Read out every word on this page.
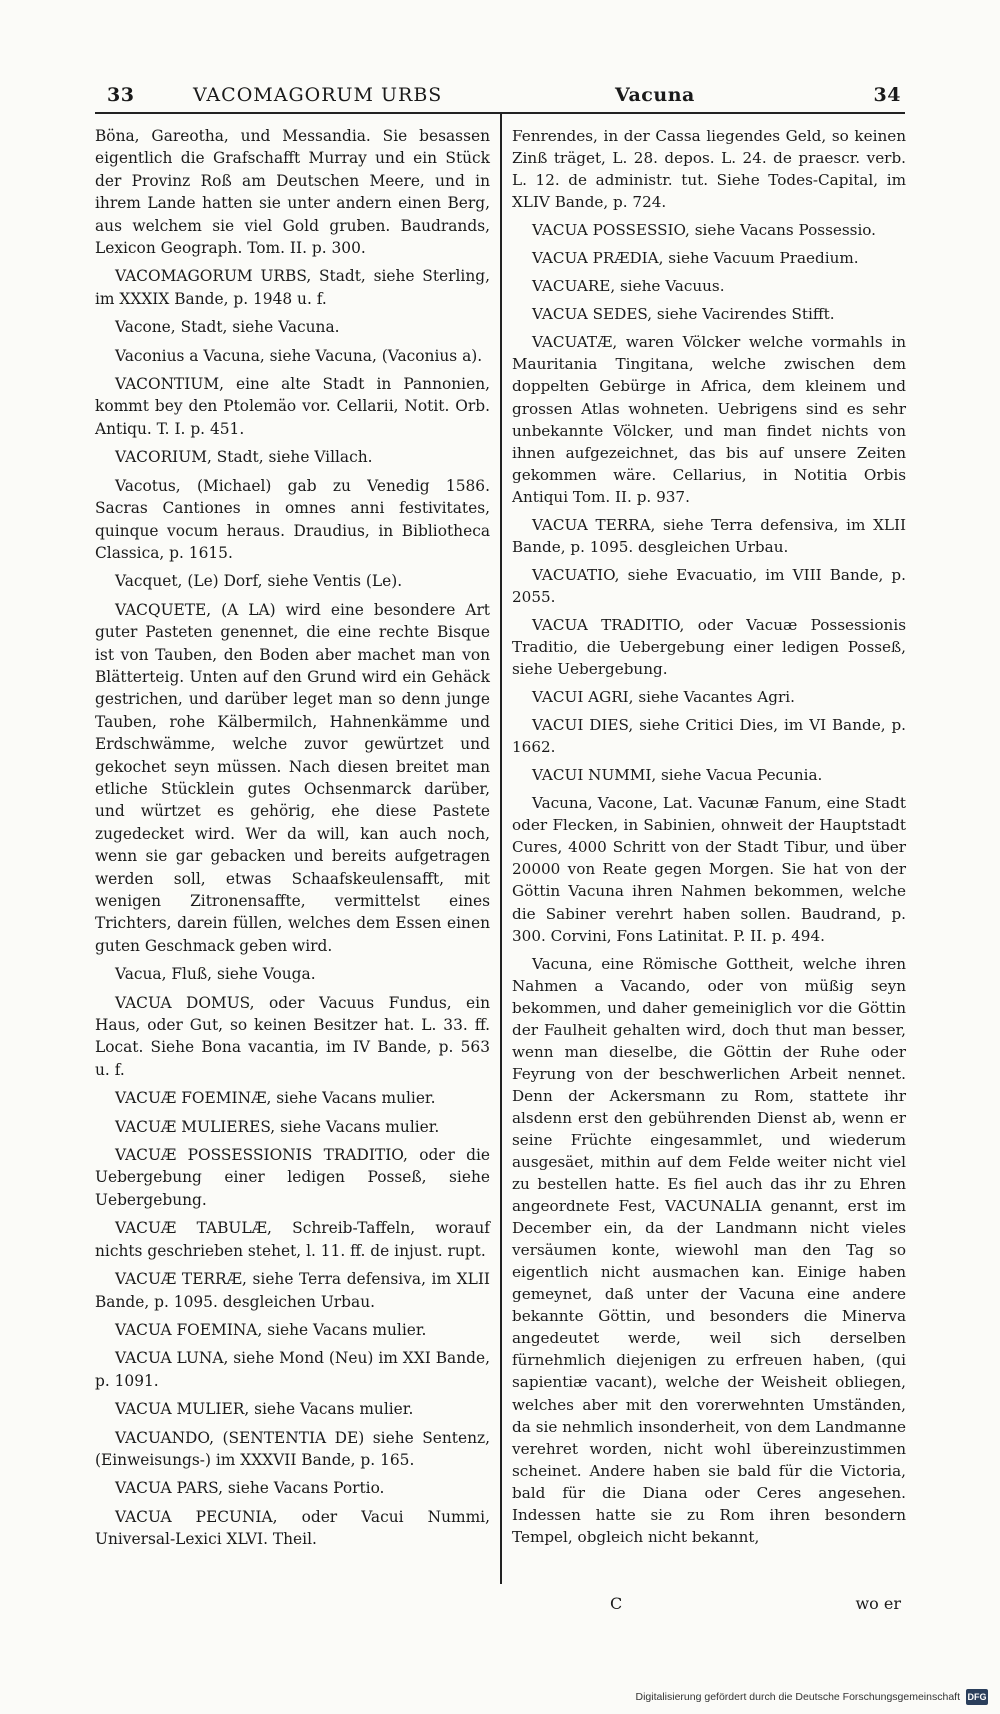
33	VACOMAGORUM URBS	Vacuna	34

Böna, Gareotha, und Messandia. Sie besassen eigentlich die Grafschafft Murray und ein Stück der Provinz Roß am Deutschen Meere, und in ihrem Lande hatten sie unter andern einen Berg, aus welchem sie viel Gold gruben. Baudrands, Lexicon Geograph. Tom. II. p. 300.

VACOMAGORUM URBS, Stadt, siehe Sterling, im XXXIX Bande, p. 1948 u. f.

Vacone, Stadt, siehe Vacuna.

Vaconius a Vacuna, siehe Vacuna, (Vaconius a).

VACONTIUM, eine alte Stadt in Pannonien, kommt bey den Ptolemäo vor. Cellarii, Notit. Orb. Antiqu. T. I. p. 451.

VACORIUM, Stadt, siehe Villach.

Vacotus, (Michael) gab zu Venedig 1586. Sacras Cantiones in omnes anni festivitates, quinque vocum heraus. Draudius, in Bibliotheca Classica, p. 1615.

Vacquet, (Le) Dorf, siehe Ventis (Le).

VACQUETE, (A LA) wird eine besondere Art guter Pasteten genennet, die eine rechte Bisque ist von Tauben, den Boden aber machet man von Blätterteig. Unten auf den Grund wird ein Gehäck gestrichen, und darüber leget man so denn junge Tauben, rohe Kälbermilch, Hahnenkämme und Erdschwämme, welche zuvor gewürtzet und gekochet seyn müssen. Nach diesen breitet man etliche Stücklein gutes Ochsenmarck darüber, und würtzet es gehörig, ehe diese Pastete zugedecket wird. Wer da will, kan auch noch, wenn sie gar gebacken und bereits aufgetragen werden soll, etwas Schaafskeulensafft, mit wenigen Zitronensaffte, vermittelst eines Trichters, darein füllen, welches dem Essen einen guten Geschmack geben wird.

Vacua, Fluß, siehe Vouga.

VACUA DOMUS, oder Vacuus Fundus, ein Haus, oder Gut, so keinen Besitzer hat. L. 33. ff. Locat. Siehe Bona vacantia, im IV Bande, p. 563 u. f.

VACUÆ FOEMINÆ, siehe Vacans mulier.

VACUÆ MULIERES, siehe Vacans mulier.

VACUÆ POSSESSIONIS TRADITIO, oder die Uebergebung einer ledigen Posseß, siehe Uebergebung.

VACUÆ TABULÆ, Schreib-Taffeln, worauf nichts geschrieben stehet, l. 11. ff. de injust. rupt.

VACUÆ TERRÆ, siehe Terra defensiva, im XLII Bande, p. 1095. desgleichen Urbau.

VACUA FOEMINA, siehe Vacans mulier.

VACUA LUNA, siehe Mond (Neu) im XXI Bande, p. 1091.

VACUA MULIER, siehe Vacans mulier.

VACUANDO, (SENTENTIA DE) siehe Sentenz, (Einweisungs-) im XXXVII Bande, p. 165.

VACUA PARS, siehe Vacans Portio.

VACUA PECUNIA, oder Vacui Nummi, Universal-Lexici XLVI. Theil.

Fenrendes, in der Cassa liegendes Geld, so keinen Zinß träget, L. 28. depos. L. 24. de praescr. verb. L. 12. de administr. tut. Siehe Todes-Capital, im XLIV Bande, p. 724.

VACUA POSSESSIO, siehe Vacans Possessio.

VACUA PRÆDIA, siehe Vacuum Praedium.

VACUARE, siehe Vacuus.

VACUA SEDES, siehe Vacirendes Stifft.

VACUATÆ, waren Völcker welche vormahls in Mauritania Tingitana, welche zwischen dem doppelten Gebürge in Africa, dem kleinem und grossen Atlas wohneten. Uebrigens sind es sehr unbekannte Völcker, und man findet nichts von ihnen aufgezeichnet, das bis auf unsere Zeiten gekommen wäre. Cellarius, in Notitia Orbis Antiqui Tom. II. p. 937.

VACUA TERRA, siehe Terra defensiva, im XLII Bande, p. 1095. desgleichen Urbau.

VACUATIO, siehe Evacuatio, im VIII Bande, p. 2055.

VACUA TRADITIO, oder Vacuæ Possessionis Traditio, die Uebergebung einer ledigen Posseß, siehe Uebergebung.

VACUI AGRI, siehe Vacantes Agri.

VACUI DIES, siehe Critici Dies, im VI Bande, p. 1662.

VACUI NUMMI, siehe Vacua Pecunia.

Vacuna, Vacone, Lat. Vacunæ Fanum, eine Stadt oder Flecken, in Sabinien, ohnweit der Hauptstadt Cures, 4000 Schritt von der Stadt Tibur, und über 20000 von Reate gegen Morgen. Sie hat von der Göttin Vacuna ihren Nahmen bekommen, welche die Sabiner verehrt haben sollen. Baudrand, p. 300. Corvini, Fons Latinitat. P. II. p. 494.

Vacuna, eine Römische Gottheit, welche ihren Nahmen a Vacando, oder von müßig seyn bekommen, und daher gemeiniglich vor die Göttin der Faulheit gehalten wird, doch thut man besser, wenn man dieselbe, die Göttin der Ruhe oder Feyrung von der beschwerlichen Arbeit nennet. Denn der Ackersmann zu Rom, stattete ihr alsdenn erst den gebührenden Dienst ab, wenn er seine Früchte eingesammlet, und wiederum ausgesäet, mithin auf dem Felde weiter nicht viel zu bestellen hatte. Es fiel auch das ihr zu Ehren angeordnete Fest, VACUNALIA genannt, erst im December ein, da der Landmann nicht vieles versäumen konte, wiewohl man den Tag so eigentlich nicht ausmachen kan. Einige haben gemeynet, daß unter der Vacuna eine andere bekannte Göttin, und besonders die Minerva angedeutet werde, weil sich derselben fürnehmlich diejenigen zu erfreuen haben, (qui sapientiæ vacant), welche der Weisheit obliegen, welches aber mit den vorerwehnten Umständen, da sie nehmlich insonderheit, von dem Landmanne verehret worden, nicht wohl übereinzustimmen scheinet. Andere haben sie bald für die Victoria, bald für die Diana oder Ceres angesehen. Indessen hatte sie zu Rom ihren besondern Tempel, obgleich nicht bekannt,

C	wo er
Digitalisierung gefördert durch die Deutsche Forschungsgemeinschaft DFG
